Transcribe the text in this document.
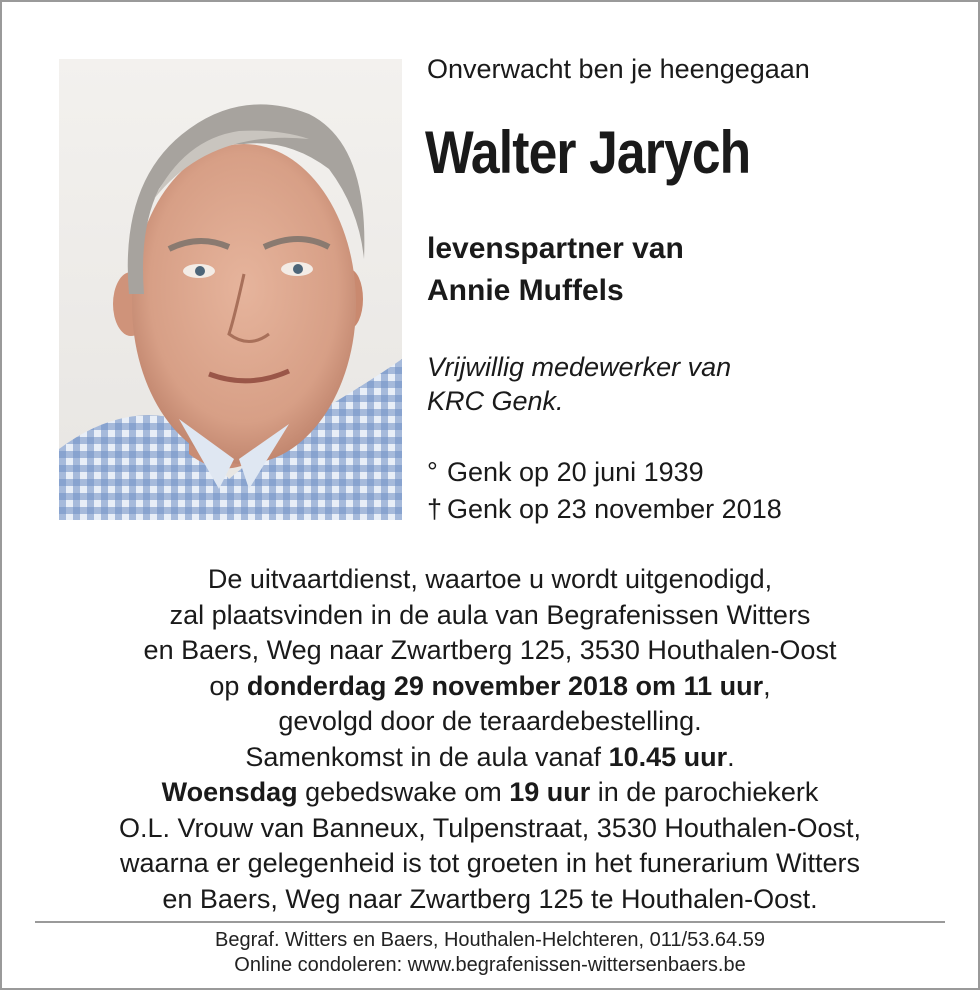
Onverwacht ben je heengegaan
Walter Jarych
levenspartner van
Annie Muffels
Vrijwillig medewerker van
KRC Genk.
° Genk op 20 juni 1939
† Genk op 23 november 2018
De uitvaartdienst, waartoe u wordt uitgenodigd,
zal plaatsvinden in de aula van Begrafenissen Witters
en Baers, Weg naar Zwartberg 125, 3530 Houthalen-Oost
op donderdag 29 november 2018 om 11 uur,
gevolgd door de teraardebestelling.
Samenkomst in de aula vanaf 10.45 uur.
Woensdag gebedswake om 19 uur in de parochiekerk
O.L. Vrouw van Banneux, Tulpenstraat, 3530 Houthalen-Oost,
waarna er gelegenheid is tot groeten in het funerarium Witters
en Baers, Weg naar Zwartberg 125 te Houthalen-Oost.
Begraf. Witters en Baers, Houthalen-Helchteren, 011/53.64.59
Online condoleren: www.begrafenissen-wittersenbaers.be
